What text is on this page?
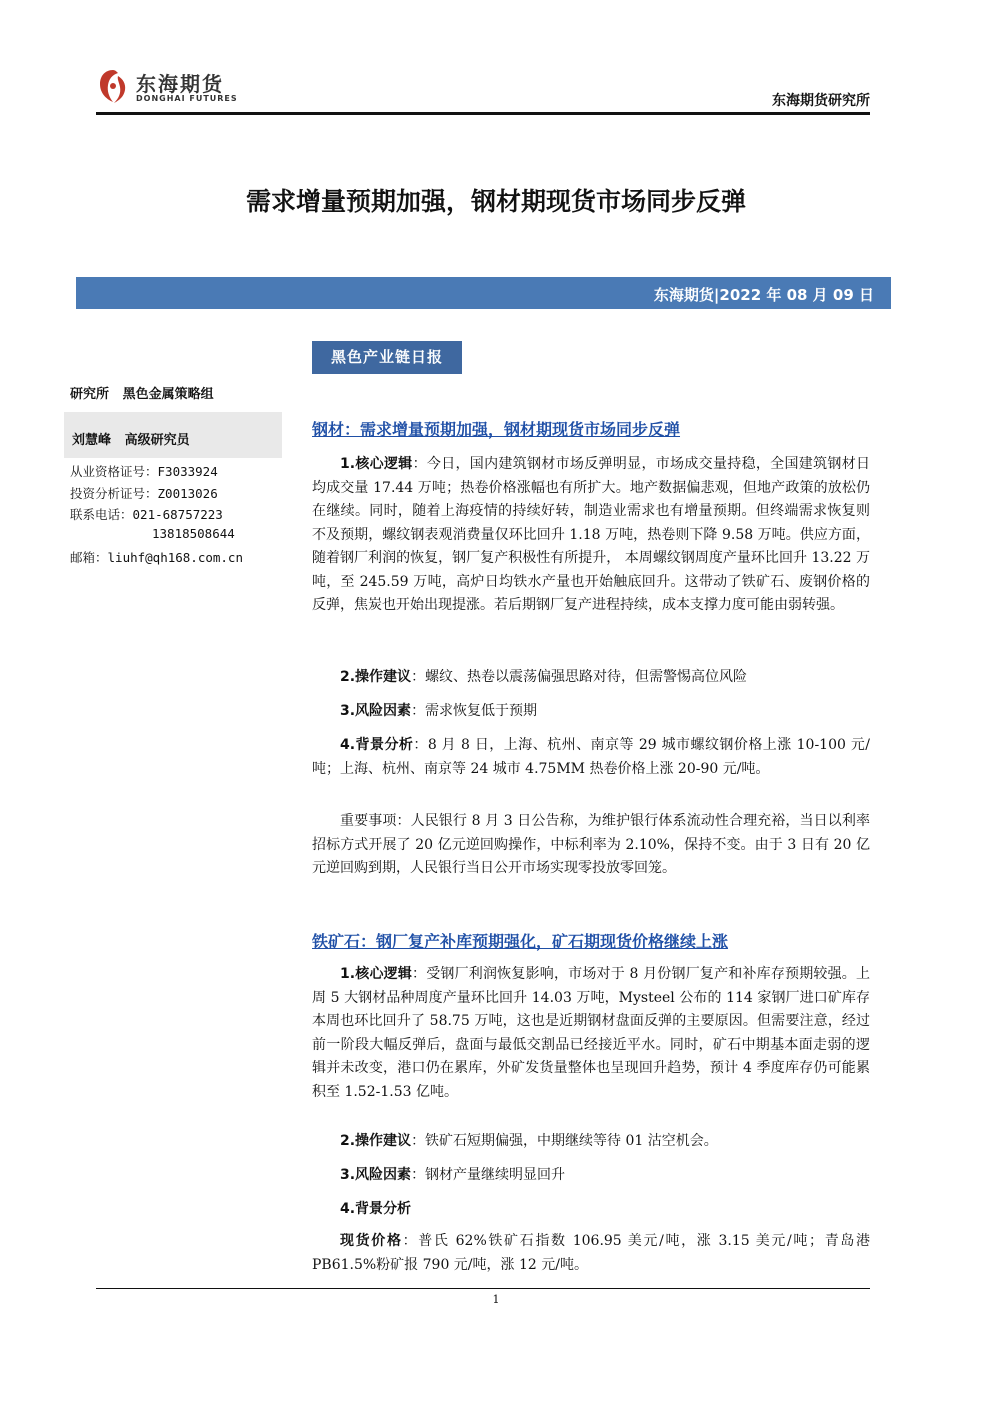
东海期货
DONGHAI FUTURES	东海期货研究所
需求增量预期加强，钢材期现货市场同步反弹
东海期货|2022 年 08 月 09 日
黑色产业链日报
研究所   黑色金属策略组
刘慧峰   高级研究员
从业资格证号：F3033924
投资分析证号：Z0013026
联系电话：021-68757223
13818508644
邮箱：liuhf@qh168.com.cn
钢材：需求增量预期加强，钢材期现货市场同步反弹

1.核心逻辑：今日，国内建筑钢材市场反弹明显，市场成交量持稳，全国建筑钢材日均成交量 17.44 万吨；热卷价格涨幅也有所扩大。地产数据偏悲观，但地产政策的放松仍在继续。同时，随着上海疫情的持续好转，制造业需求也有增量预期。但终端需求恢复则不及预期，螺纹钢表观消费量仅环比回升 1.18 万吨，热卷则下降 9.58 万吨。供应方面，随着钢厂利润的恢复，钢厂复产积极性有所提升， 本周螺纹钢周度产量环比回升 13.22 万吨，至 245.59 万吨，高炉日均铁水产量也开始触底回升。这带动了铁矿石、废钢价格的反弹，焦炭也开始出现提涨。若后期钢厂复产进程持续，成本支撑力度可能由弱转强。

2.操作建议：螺纹、热卷以震荡偏强思路对待，但需警惕高位风险

3.风险因素：需求恢复低于预期

4.背景分析：8 月 8 日，上海、杭州、南京等 29 城市螺纹钢价格上涨 10-100 元/吨；上海、杭州、南京等 24 城市 4.75MM 热卷价格上涨 20-90 元/吨。

重要事项：人民银行 8 月 3 日公告称，为维护银行体系流动性合理充裕，当日以利率招标方式开展了 20 亿元逆回购操作，中标利率为 2.10%，保持不变。由于 3 日有 20 亿元逆回购到期，人民银行当日公开市场实现零投放零回笼。

铁矿石：钢厂复产补库预期强化，矿石期现货价格继续上涨

1.核心逻辑：受钢厂利润恢复影响，市场对于 8 月份钢厂复产和补库存预期较强。上周 5 大钢材品种周度产量环比回升 14.03 万吨，Mysteel 公布的 114 家钢厂进口矿库存本周也环比回升了 58.75 万吨，这也是近期钢材盘面反弹的主要原因。但需要注意，经过前一阶段大幅反弹后，盘面与最低交割品已经接近平水。同时，矿石中期基本面走弱的逻辑并未改变，港口仍在累库，外矿发货量整体也呈现回升趋势，预计 4 季度库存仍可能累积至 1.52-1.53 亿吨。

2.操作建议：铁矿石短期偏强，中期继续等待 01 沽空机会。

3.风险因素：钢材产量继续明显回升

4.背景分析

现货价格：普氏 62%铁矿石指数 106.95 美元/吨，涨 3.15 美元/吨；青岛港 PB61.5%粉矿报 790 元/吨，涨 12 元/吨。

1
